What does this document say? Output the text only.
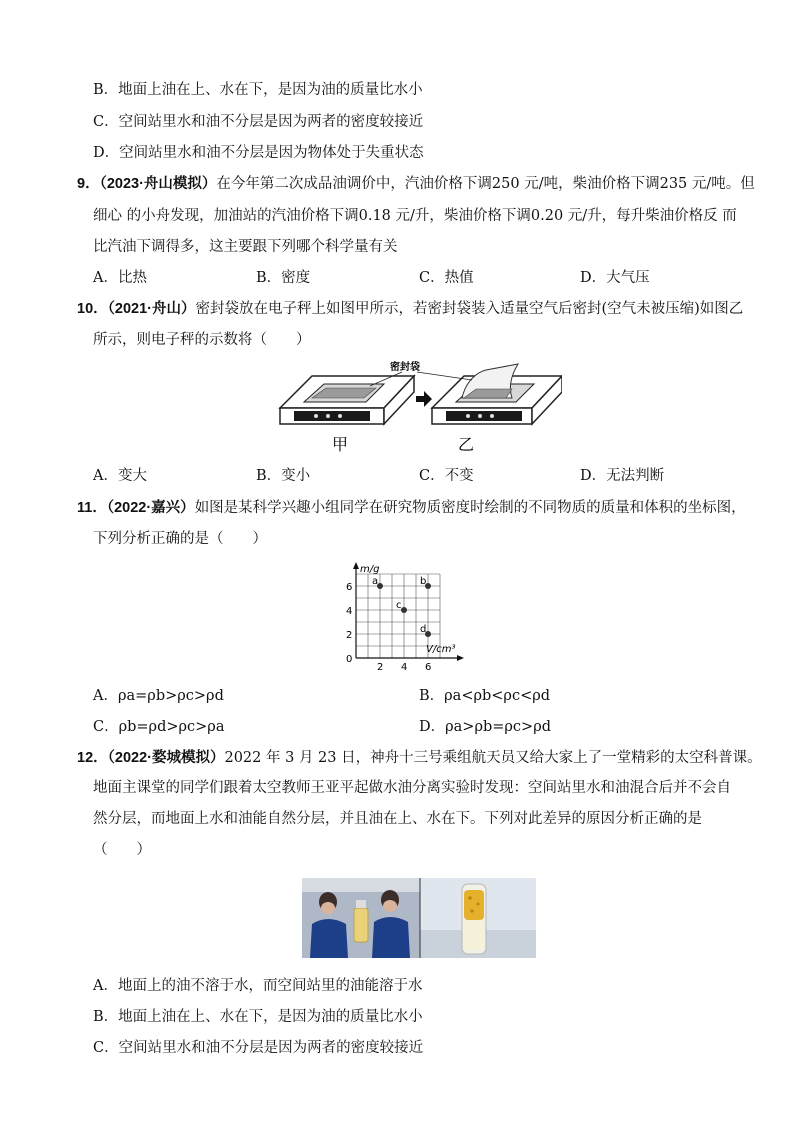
B．地面上油在上、水在下，是因为油的质量比水小
C．空间站里水和油不分层是因为两者的密度较接近
D．空间站里水和油不分层是因为物体处于失重状态
9．（2023·舟山模拟）在今年第二次成品油调价中，汽油价格下调250 元/吨，柴油价格下调235 元/吨。但
细心 的小舟发现，加油站的汽油价格下调0.18 元/升，柴油价格下调0.20 元/升，每升柴油价格反 而
比汽油下调得多，这主要跟下列哪个科学量有关
A．比热	B．密度	C．热值	D．大气压
10．（2021·舟山）密封袋放在电子秤上如图甲所示，若密封袋装入适量空气后密封(空气未被压缩)如图乙
所示，则电子秤的示数将（　　）
密封袋
甲	乙
A．变大	B．变小	C．不变	D．无法判断
11．（2022·嘉兴）如图是某科学兴趣小组同学在研究物质密度时绘制的不同物质的质量和体积的坐标图，
下列分析正确的是（　　）
2 4 6
0
2
4
6
a	b
c
d
m/g
V/cm³
A．ρa=ρb>ρc>ρd	B．ρa<ρb<ρc<ρd
C．ρb=ρd>ρc>ρa	D．ρa>ρb=ρc>ρd
12．（2022·婺城模拟）2022 年 3 月 23 日，神舟十三号乘组航天员又给大家上了一堂精彩的太空科普课。
地面主课堂的同学们跟着太空教师王亚平起做水油分离实验时发现：空间站里水和油混合后并不会自
然分层，而地面上水和油能自然分层，并且油在上、水在下。下列对此差异的原因分析正确的是
（　　）
A．地面上的油不溶于水，而空间站里的油能溶于水
B．地面上油在上、水在下，是因为油的质量比水小
C．空间站里水和油不分层是因为两者的密度较接近
